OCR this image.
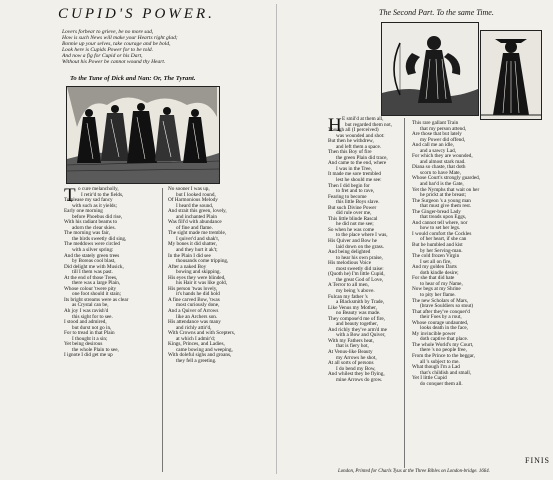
CUPID'S POWER.	The Second Part. To the same Time.
Lovers forbear to grieve, be no more sad,
How is such News will make your Hearts right glad;
Bonnie up your selves, take courage and be bold,
Look here is Cupids Power for to be told.
And now a fig for Cupid or his Dart,
Without his Power be cannot wound thy Heart.
To the Tune of Dick and Nan: Or, The Tyrant.
T o cure melancholly,
I retir'd to the fields,
To please my sad fancy
with such as it yields;
Early one morning
before Phoebus did rise,
With his radiant beams to
adorn the clear skies.
The morning was fair,
the birds sweetly did sing,
The meddows were circled
with a silver spring:
And the stately green trees
by Boreas cool blast,
Did delight me with Musick,
till I them was past.
At the end of those Trees,
there was a large Plain,
Whose colour 'twere pity
one foot should it stain;
Its bright streams were as clear
as Crystal can be,
Ah joy I was ravish'd
this sight for to see.
I stood and admired,
but durst not go in,
For to tread in that Plain
I thought it a sin;
Yet being desirous
the whole Plain to see,
I ignote I did get me up
No sooner I was up,
but I looked round,
Of Harmonious Melody
I heard the sound,
And strait this green, lovely,
and inchanted Plain
Was fill'd with abundance
of fine and flame.
The sight made me tremble,
I quiver'd and shak't,
My bones it did shatter,
and they hurt it ak't;
In the Plain I did see
thousands come tripping,
After a naked Boy
bowing and skipping.
His eyes they were blinded,
his Hair it was like gold,
His person 'twas lovely,
it's hands he did hold
A fine carved Bow, 'twas
most curiously done,
And a Quiver of Arrows
like an Archers son.
His attendance was many
and richly attir'd,
With Crowns and with Scepters,
at which I admir'd;
Kings, Princes, and Ladies,
came bowing and weeping,
With doleful sighs and groans,
they fell a greeting.
H E smil'd at them all,
but regarded them not,
Though all (I perceived)
was wounded and shot:
But then he withdrew,
and left them a space.
Then this Boy of fire
the green Plain did trace,
And came to the end, where
I was in the Tree,
It made me sore trembled
lest he should me see:
Then I did begin for
to fret and to rave,
Fearing to become
this little Boys slave.
But such Divine Power
did rule over me,
This little blinde Rascal
he did not me see;
So when he was come
to the place where I was,
His Quiver and Bow he
laid down on the grass.
And being delighted
to hear his own praise,
His melodious Voice
most sweetly did raise:
(Quoth he) I'm little Cupid,
the great God of Love,
A Terror to all men,
my being 's above.
Fulcan my father 's
a Blacksmith by Trade,
Like Venus my Mother,
no Beauty was made.
They compose'd me of fire,
and beauty together,
And richly they've arm'd me
with a Bow and Quiver,
With my Fathers heat,
that is fiery hot,
At Venus-like Beauty
my Arrows he shot,
At all sorts of persons
I do bend my Bow,
And whilest they be flying,
mine Arrows do grow.
This rare gallant Train
that my person attend,
Are those that but lately
my Power did offend,
And call me an idle,
and a sawcy Lad,
For which they are wounded,
and almost stark mad.
Diana so chaste, that doth
scorn to have Mate,
Whose Court's strongly guarded,
and bar'd is the Gate,
Yet the Nymphs that wait on her
he prickt at the breast;
The Surgeon 's a young man
that must give them rest.
The Ginger-bread Lady
that treads upon Eggs,
And cannot tell where, nor
how to set her legs.
I would comfort the Cockles
of her heart, if she can
But be humbled and kist
by her Serving-man.
The cold frozen Virgin
I set all on fire,
And my golden Darts
doth kindle desire;
For she that did hate
to hear of my Name,
Now begs at my Shrine
to pity her flame.
The new Scholars of Mars,
(brave Souldiers so stout)
That after they've conquer'd
their Foes by a rout,
Whose courage undaunted,
looks death in the face,
My invincible power
doth captive that place.
The whole World's my Court,
there 's no people free,
From the Prince to the beggar,
all 's subject to me.
What though I'm a Lad
that's childish and small,
Yet I little Cupid
do conquer them all.
London, Printed for Charls Tyus at the Three Bibles on London-bridge. 1664.
FINIS
